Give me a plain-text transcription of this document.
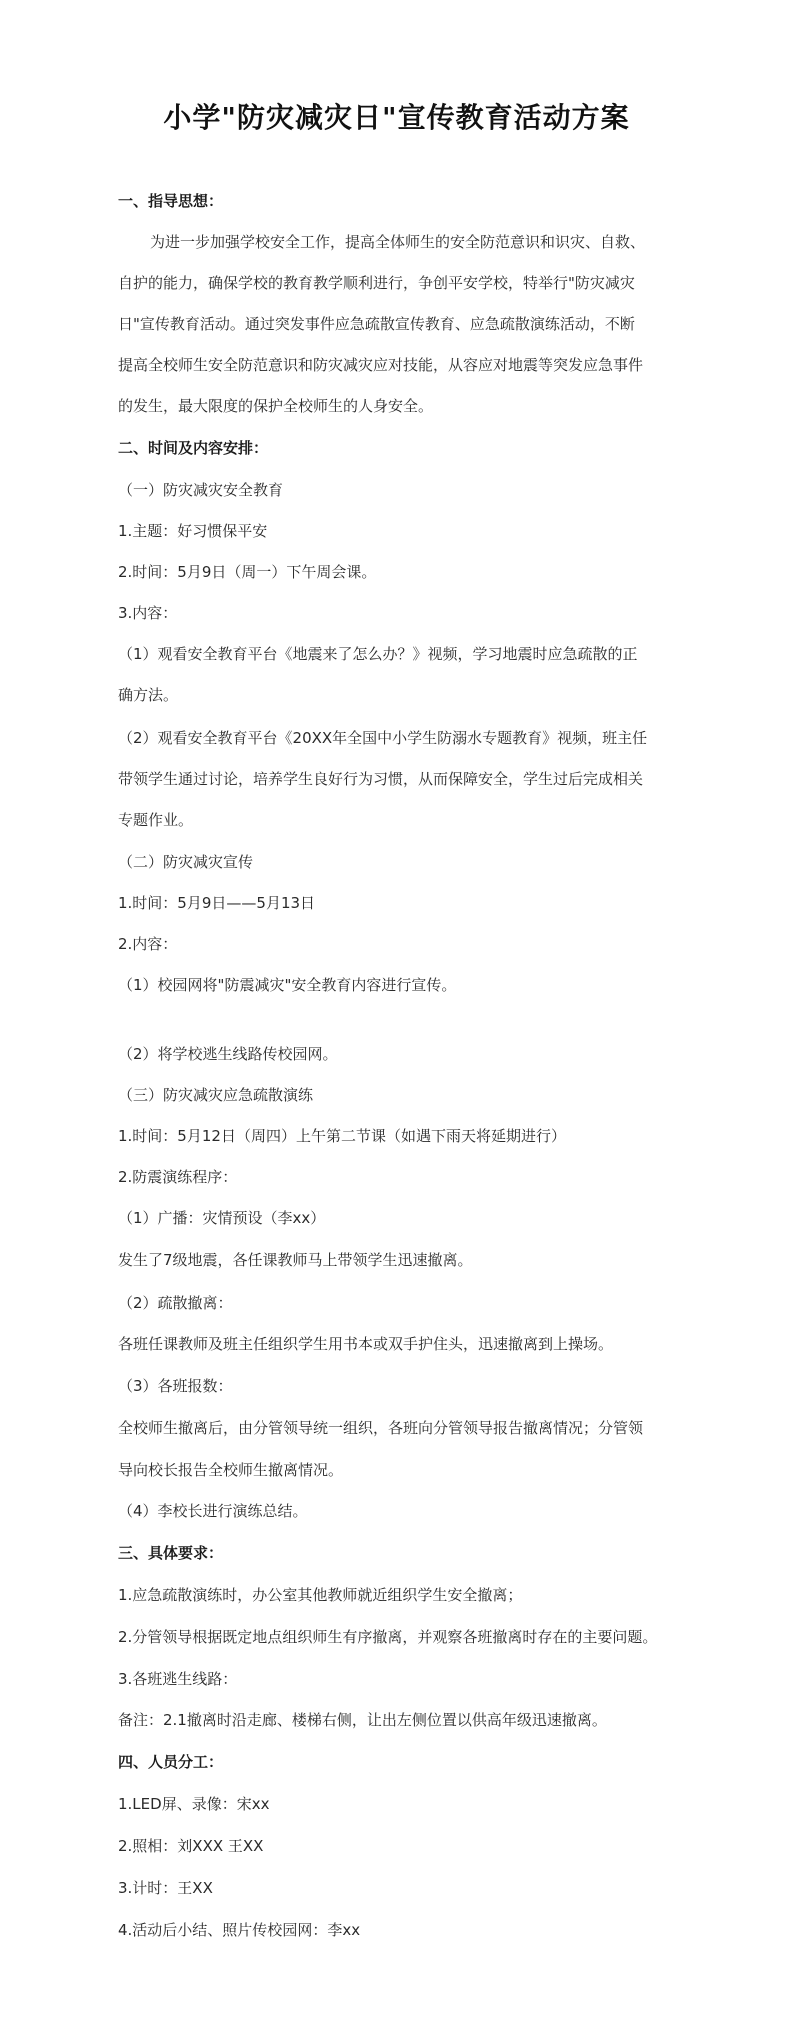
小学"防灾减灾日"宣传教育活动方案

一、指导思想：

为进一步加强学校安全工作，提高全体师生的安全防范意识和识灾、自救、

自护的能力，确保学校的教育教学顺利进行，争创平安学校，特举行"防灾减灾

日"宣传教育活动。通过突发事件应急疏散宣传教育、应急疏散演练活动，不断

提高全校师生安全防范意识和防灾减灾应对技能，从容应对地震等突发应急事件

的发生，最大限度的保护全校师生的人身安全。

二、时间及内容安排：

（一）防灾减灾安全教育

1.主题：好习惯保平安

2.时间：5月9日（周一）下午周会课。

3.内容：

（1）观看安全教育平台《地震来了怎么办？》视频，学习地震时应急疏散的正

确方法。

（2）观看安全教育平台《20XX年全国中小学生防溺水专题教育》视频，班主任

带领学生通过讨论，培养学生良好行为习惯，从而保障安全，学生过后完成相关

专题作业。

（二）防灾减灾宣传

1.时间：5月9日——5月13日

2.内容：

（1）校园网将"防震减灾"安全教育内容进行宣传。

（2）将学校逃生线路传校园网。

（三）防灾减灾应急疏散演练

1.时间：5月12日（周四）上午第二节课（如遇下雨天将延期进行）

2.防震演练程序：

（1）广播：灾情预设（李xx）

发生了7级地震，各任课教师马上带领学生迅速撤离。

（2）疏散撤离：

各班任课教师及班主任组织学生用书本或双手护住头，迅速撤离到上操场。

（3）各班报数：

全校师生撤离后，由分管领导统一组织，各班向分管领导报告撤离情况；分管领

导向校长报告全校师生撤离情况。

（4）李校长进行演练总结。

三、具体要求：

1.应急疏散演练时，办公室其他教师就近组织学生安全撤离；

2.分管领导根据既定地点组织师生有序撤离，并观察各班撤离时存在的主要问题。

3.各班逃生线路：

备注：2.1撤离时沿走廊、楼梯右侧，让出左侧位置以供高年级迅速撤离。

四、人员分工：

1.LED屏、录像：宋xx

2.照相：刘XXX 王XX

3.计时：王XX

4.活动后小结、照片传校园网：李xx
